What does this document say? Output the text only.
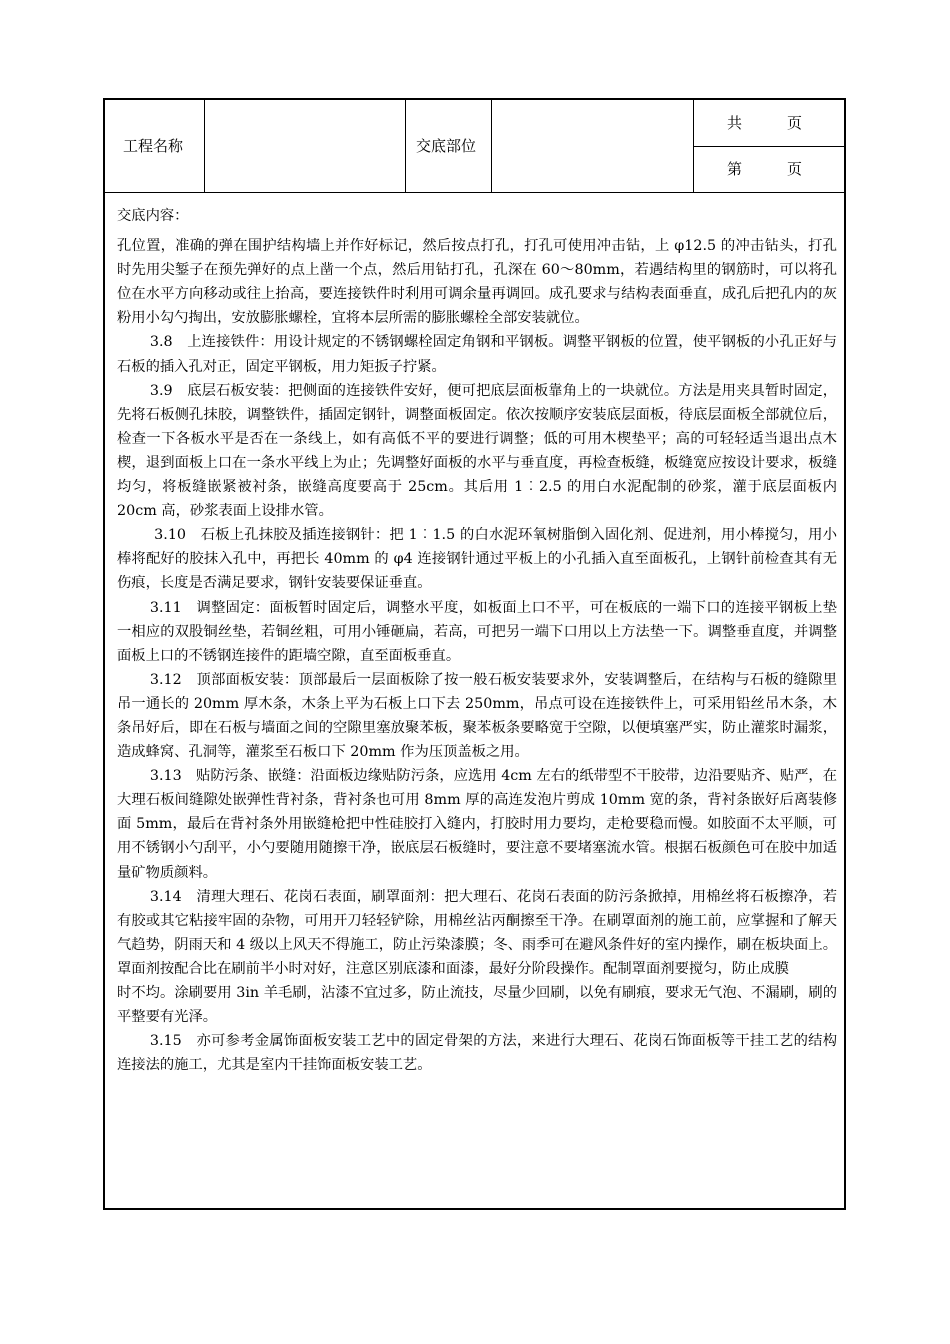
工程名称	交底部位
共　　　页
第　　　页

交底内容：

孔位置，准确的弹在围护结构墙上并作好标记，然后按点打孔，打孔可使用冲击钻，上 φ12.5 的冲击钻头，打孔时先用尖錾子在预先弹好的点上凿一个点，然后用钻打孔，孔深在 60～80mm，若遇结构里的钢筋时，可以将孔位在水平方向移动或往上抬高，要连接铁件时利用可调余量再调回。成孔要求与结构表面垂直，成孔后把孔内的灰粉用小勾勺掏出，安放膨胀螺栓，宜将本层所需的膨胀螺栓全部安装就位。

3.8　上连接铁件：用设计规定的不锈钢螺栓固定角钢和平钢板。调整平钢板的位置，使平钢板的小孔正好与石板的插入孔对正，固定平钢板，用力矩扳子拧紧。

3.9　底层石板安装：把侧面的连接铁件安好，便可把底层面板靠角上的一块就位。方法是用夹具暂时固定，先将石板侧孔抹胶，调整铁件，插固定钢针，调整面板固定。依次按顺序安装底层面板，待底层面板全部就位后，检查一下各板水平是否在一条线上，如有高低不平的要进行调整；低的可用木楔垫平；高的可轻轻适当退出点木楔，退到面板上口在一条水平线上为止；先调整好面板的水平与垂直度，再检查板缝，板缝宽应按设计要求，板缝均匀，将板缝嵌紧被衬条，嵌缝高度要高于 25cm。其后用 1︰2.5 的用白水泥配制的砂浆，灌于底层面板内 20cm 高，砂浆表面上设排水管。

3.10　石板上孔抹胶及插连接钢针：把 1︰1.5 的白水泥环氧树脂倒入固化剂、促进剂，用小棒搅匀，用小棒将配好的胶抹入孔中，再把长 40mm 的 φ4 连接钢针通过平板上的小孔插入直至面板孔，上钢针前检查其有无伤痕，长度是否满足要求，钢针安装要保证垂直。

3.11　调整固定：面板暂时固定后，调整水平度，如板面上口不平，可在板底的一端下口的连接平钢板上垫一相应的双股铜丝垫，若铜丝粗，可用小锤砸扁，若高，可把另一端下口用以上方法垫一下。调整垂直度，并调整面板上口的不锈钢连接件的距墙空隙，直至面板垂直。

3.12　顶部面板安装：顶部最后一层面板除了按一般石板安装要求外，安装调整后，在结构与石板的缝隙里吊一通长的 20mm 厚木条，木条上平为石板上口下去 250mm，吊点可设在连接铁件上，可采用铅丝吊木条，木条吊好后，即在石板与墙面之间的空隙里塞放聚苯板，聚苯板条要略宽于空隙，以便填塞严实，防止灌浆时漏浆，造成蜂窝、孔洞等，灌浆至石板口下 20mm 作为压顶盖板之用。

3.13　贴防污条、嵌缝：沿面板边缘贴防污条，应选用 4cm 左右的纸带型不干胶带，边沿要贴齐、贴严，在大理石板间缝隙处嵌弹性背衬条，背衬条也可用 8mm 厚的高连发泡片剪成 10mm 宽的条，背衬条嵌好后离装修面 5mm，最后在背衬条外用嵌缝枪把中性硅胶打入缝内，打胶时用力要均，走枪要稳而慢。如胶面不太平顺，可用不锈钢小勺刮平，小勺要随用随擦干净，嵌底层石板缝时，要注意不要堵塞流水管。根据石板颜色可在胶中加适量矿物质颜料。

3.14　清理大理石、花岗石表面，刷罩面剂：把大理石、花岗石表面的防污条掀掉，用棉丝将石板擦净，若有胶或其它粘接牢固的杂物，可用开刀轻轻铲除，用棉丝沾丙酮擦至干净。在刷罩面剂的施工前，应掌握和了解天气趋势，阴雨天和 4 级以上风天不得施工，防止污染漆膜；冬、雨季可在避风条件好的室内操作，刷在板块面上。罩面剂按配合比在刷前半小时对好，注意区别底漆和面漆，最好分阶段操作。配制罩面剂要搅匀，防止成膜

时不均。涂刷要用 3in 羊毛刷，沾漆不宜过多，防止流技，尽量少回刷，以免有刷痕，要求无气泡、不漏刷，刷的平整要有光泽。

3.15　亦可参考金属饰面板安装工艺中的固定骨架的方法，来进行大理石、花岗石饰面板等干挂工艺的结构连接法的施工，尤其是室内干挂饰面板安装工艺。
